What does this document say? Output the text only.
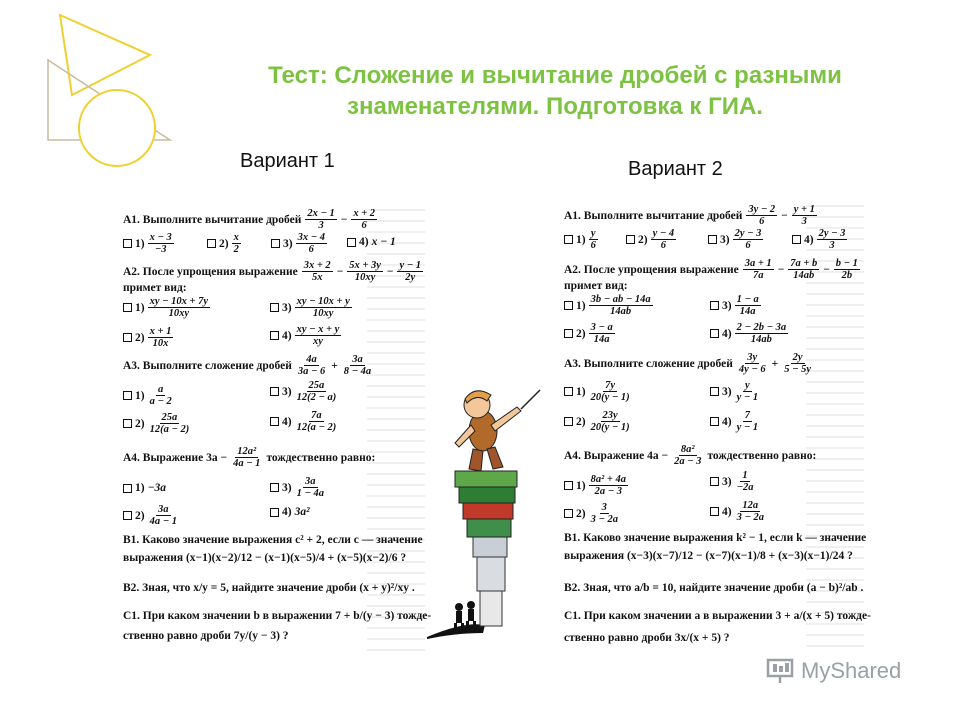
Тест: Сложение и вычитание дробей с разными
знаменателями. Подготовка к ГИА.
Вариант 1	Вариант 2
А1. Выполните вычитание дробей $\frac{2x - 1}{3} - \frac{x + 2}{6}$
$1) \frac{x - 3}{-3}$	$2) \frac{x}{2}$	$3) \frac{3x - 4}{6}$	4) x − 1
А2. После упрощения выражение $\frac{3x + 2}{5x} - \frac{5x + 3y}{10xy} - \frac{y - 1}{2y}$
примет вид:
$1) \frac{xy - 10x + 7y}{10xy}$	$3) \frac{xy - 10x + y}{10xy}$
$2) \frac{x + 1}{10x}$	$4) \frac{xy - x + y}{xy}$
А3. Выполните сложение дробей $\frac{4a}{3a - 6} + \frac{3a}{8 - 4a}$
$1) \frac{a}{a - 2}$	$3) \frac{25a}{12(2 - a)}$
$2) \frac{25a}{12(a - 2)}$	$4) \frac{7a}{12(a - 2)}$
А4. Выражение $3a - \frac{\text{12a²}}{4a - 1}$ тождественно равно:
1) −3a	$3) \frac{3a}{1 - 4a}$
$2) \frac{3a}{4a - 1}$	4) 3a²
В1. Каково значение выражения c² + 2, если c — значение
выражения (x−1)(x−2)/12 − (x−1)(x−5)/4 + (x−5)(x−2)/6 ?
В2. Зная, что x/y = 5, найдите значение дроби (x + y)²/xy .
С1. При каком значении b в выражении 7 + b/(y − 3) тожде-
ственно равно дроби 7y/(y − 3) ?
А1. Выполните вычитание дробей $\frac{3y - 2}{6} - \frac{y + 1}{3}$
$1) \frac{y}{6}$	$2) \frac{y - 4}{6}$	$3) \frac{2y - 3}{6}$	$4) \frac{2y - 3}{3}$
А2. После упрощения выражение $\frac{3a + 1}{7a} - \frac{7a + b}{14ab} - \frac{b - 1}{2b}$
примет вид:
$1) \frac{3b - ab - 14a}{14ab}$	$3) \frac{1 - a}{14a}$
$2) \frac{3 - a}{14a}$	$4) \frac{2 - 2b - 3a}{14ab}$
А3. Выполните сложение дробей $\frac{3y}{4y - 6} + \frac{2y}{5 - 5y}$
$1) \frac{7y}{20(y - 1)}$	$3) \frac{y}{y - 1}$
$2) \frac{23y}{20(y - 1)}$	$4) \frac{7}{y - 1}$
А4. Выражение $4a - \frac{\text{8a²}}{2a - 3}$ тождественно равно:
$1) \frac{\text{8a² + 4a}}{2a - 3}$	$3) \frac{1}{-2a}$
$2) \frac{3}{3 - 2a}$	$4) \frac{12a}{3 - 2a}$
В1. Каково значение выражения k² − 1, если k — значение
выражения (x−3)(x−7)/12 − (x−7)(x−1)/8 + (x−3)(x−1)/24 ?
В2. Зная, что a/b = 10, найдите значение дроби (a − b)²/ab .
С1. При каком значении a в выражении 3 + a/(x + 5) тожде-
ственно равно дроби 3x/(x + 5) ?
MyShared
